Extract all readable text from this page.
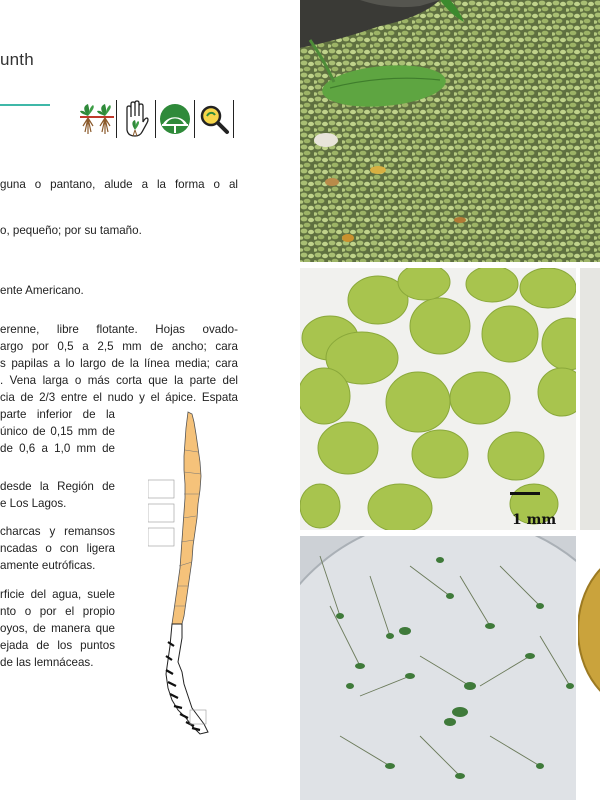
unth
guna o pantano, alude a la forma o al
o, pequeño; por su tamaño.
ente Americano.
erenne, libre flotante. Hojas ovado-
argo por 0,5 a 2,5 mm de ancho; cara
s papilas a lo largo de la línea media; cara
. Vena larga o más corta que la parte del
cia de 2/3 entre el nudo y el ápice. Espata
parte inferior de la
único de 0,15 mm de
de 0,6 a 1,0 mm de
desde la Región de
e Los Lagos.
charcas y remansos
ncadas o con ligera
amente eutróficas.
rficie del agua, suele
nto o por el propio
oyos, de manera que
ejada de los puntos
de las lemnáceas.
1 mm
